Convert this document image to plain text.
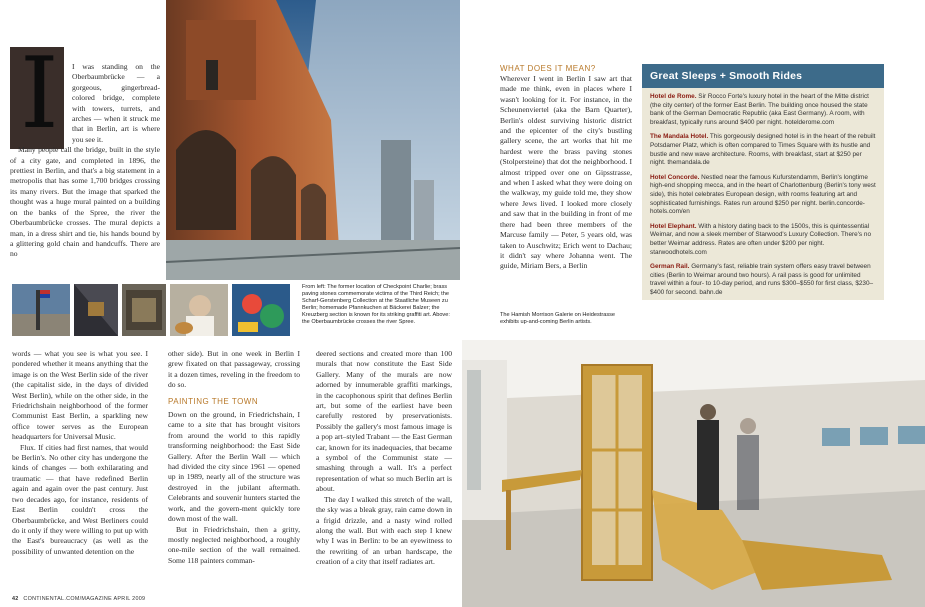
I	I was standing on the Oberbaumbrücke — a gorgeous, gingerbread-colored bridge, complete with towers, turrets, and arches — when it struck me that in Berlin, art is where you see it.

Many people call the bridge, built in the style of a city gate, and completed in 1896, the prettiest in Berlin, and that's a big statement in a metropolis that has some 1,700 bridges crossing its many rivers. But the image that sparked the thought was a huge mural painted on a building on the banks of the Spree, the river the Oberbaumbrücke crosses. The mural depicts a man, in a dress shirt and tie, his hands bound by a glittering gold chain and handcuffs. There are no

From left: The former location of Checkpoint Charlie; brass paving stones commemorate victims of the Third Reich; the Scharf-Gerstenberg Collection at the Staatliche Museen zu Berlin; homemade Pfannkuchen at Bäckerei Balzer; the Kreuzberg section is known for its striking graffiti art. Above: the Oberbaumbrücke crosses the river Spree.

words — what you see is what you see. I pondered whether it means anything that the image is on the West Berlin side of the river (the capitalist side, in the days of divided West Berlin), while on the other side, in the Friedrichshain neighborhood of the former Communist East Berlin, a sparkling new office tower serves as the European headquarters for Universal Music.

Flux. If cities had first names, that would be Berlin's. No other city has undergone the kinds of changes — both exhilarating and traumatic — that have redefined Berlin again and again over the past century. Just two decades ago, for instance, residents of East Berlin couldn't cross the Oberbaumbrücke, and West Berliners could do it only if they were willing to put up with the East's bureaucracy (as well as the possibility of unwanted detention on the

other side). But in one week in Berlin I grew fixated on that passageway, crossing it a dozen times, reveling in the freedom to do so.

PAINTING THE TOWN

Down on the ground, in Friedrichshain, I came to a site that has brought visitors from around the world to this rapidly transforming neighborhood: the East Side Gallery. After the Berlin Wall — which had divided the city since 1961 — opened up in 1989, nearly all of the structure was destroyed in the jubilant aftermath. Celebrants and souvenir hunters started the work, and the govern-ment quickly tore down most of the wall.

But in Friedrichshain, then a gritty, mostly neglected neighborhood, a roughly one-mile section of the wall remained. Some 118 painters comman-

deered sections and created more than 100 murals that now constitute the East Side Gallery. Many of the murals are now adorned by innumerable graffiti markings, in the cacophonous spirit that defines Berlin art, but some of the earliest have been carefully restored by preservationists. Possibly the gallery's most famous image is a pop art–styled Trabant — the East German car, known for its inadequacies, that became a symbol of the Communist state — smashing through a wall. It's a perfect representation of what so much Berlin art is about.

The day I walked this stretch of the wall, the sky was a bleak gray, rain came down in a frigid drizzle, and a nasty wind rolled along the wall. But with each step I knew why I was in Berlin: to be an eyewitness to the rewriting of an urban hardscape, the creation of a city that itself radiates art.

42 CONTINENTAL.COM/MAGAZINE APRIL 2009
WHAT DOES IT MEAN?

Wherever I went in Berlin I saw art that made me think, even in places where I wasn't looking for it. For instance, in the Scheunenviertel (aka the Barn Quarter), Berlin's oldest surviving historic district and the epicenter of the city's bustling gallery scene, the art works that hit me hardest were the brass paving stones (Stolpersteine) that dot the neighborhood. I almost tripped over one on Gipsstrasse, and when I asked what they were doing on the walkway, my guide told me, they show where Jews lived. I looked more closely and saw that in the building in front of me there had been three members of the Marcuse family — Peter, 5 years old, was taken to Auschwitz; Erich went to Dachau; it didn't say where Johanna went. The guide, Miriam Bers, a Berlin

Great Sleeps + Smooth Rides

Hotel de Rome. Sir Rocco Forte's luxury hotel in the heart of the Mitte district (the city center) of the former East Berlin. The building once housed the state bank of the German Democratic Republic (aka East Germany). A room, with breakfast, typically runs around $400 per night. hotelderome.com

The Mandala Hotel. This gorgeously designed hotel is in the heart of the rebuilt Potsdamer Platz, which is often compared to Times Square with its hustle and bustle and new wave architecture. Rooms, with breakfast, start at $250 per night. themandala.de

Hotel Concorde. Nestled near the famous Kufurstendamm, Berlin's longtime high-end shopping mecca, and in the heart of Charlottenburg (Berlin's tony west side), this hotel celebrates European design, with rooms featuring art and sophisticated furnishings. Rates run around $250 per night. berlin.concorde-hotels.com/en

Hotel Elephant. With a history dating back to the 1500s, this is quintessential Weimar, and now a sleek member of Starwood's Luxury Collection. There's no better Weimar address. Rates are often under $200 per night. starwoodhotels.com

German Rail. Germany's fast, reliable train system offers easy travel between cities (Berlin to Weimar around two hours). A rail pass is good for unlimited travel within a four- to 10-day period, and runs $300–$550 for first class, $230–$400 for second. bahn.de

The Hamish Morrison Galerie on Heidestrasse exhibits up-and-coming Berlin artists.
